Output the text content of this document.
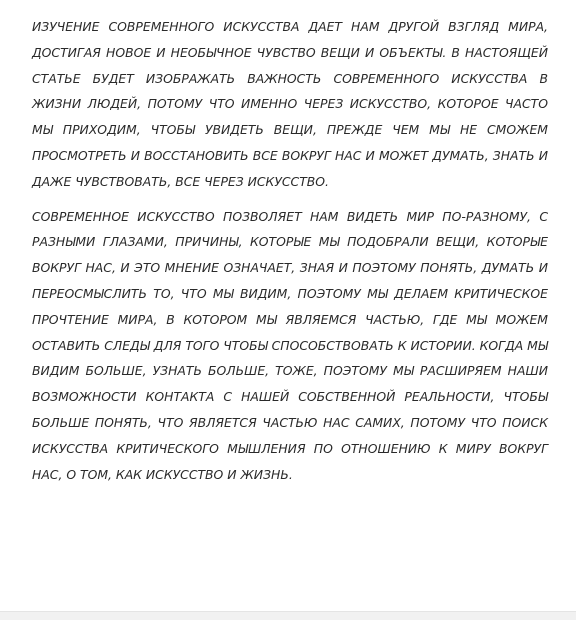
ИЗУЧЕНИЕ СОВРЕМЕННОГО ИСКУССТВА ДАЕТ НАМ ДРУГОЙ ВЗГЛЯД МИРА, ДОСТИГАЯ НОВОЕ И НЕОБЫЧНОЕ ЧУВСТВО ВЕЩИ И ОБЪЕКТЫ. В НАСТОЯЩЕЙ СТАТЬЕ БУДЕТ ИЗОБРАЖАТЬ ВАЖНОСТЬ СОВРЕМЕННОГО ИСКУССТВА В ЖИЗНИ ЛЮДЕЙ, ПОТОМУ ЧТО ИМЕННО ЧЕРЕЗ ИСКУССТВО, КОТОРОЕ ЧАСТО МЫ ПРИХОДИМ, ЧТОБЫ УВИДЕТЬ ВЕЩИ, ПРЕЖДЕ ЧЕМ МЫ НЕ СМОЖЕМ ПРОСМОТРЕТЬ И ВОССТАНОВИТЬ ВСЕ ВОКРУГ НАС И МОЖЕТ ДУМАТЬ, ЗНАТЬ И ДАЖЕ ЧУВСТВОВАТЬ, ВСЕ ЧЕРЕЗ ИСКУССТВО.

СОВРЕМЕННОЕ ИСКУССТВО ПОЗВОЛЯЕТ НАМ ВИДЕТЬ МИР ПО-РАЗНОМУ, С РАЗНЫМИ ГЛАЗАМИ, ПРИЧИНЫ, КОТОРЫЕ МЫ ПОДОБРАЛИ ВЕЩИ, КОТОРЫЕ ВОКРУГ НАС, И ЭТО МНЕНИЕ ОЗНАЧАЕТ, ЗНАЯ И ПОЭТОМУ ПОНЯТЬ, ДУМАТЬ И ПЕРЕОСМЫСЛИТЬ ТО, ЧТО МЫ ВИДИМ, ПОЭТОМУ МЫ ДЕЛАЕМ КРИТИЧЕСКОЕ ПРОЧТЕНИЕ МИРА, В КОТОРОМ МЫ ЯВЛЯЕМСЯ ЧАСТЬЮ, ГДЕ МЫ МОЖЕМ ОСТАВИТЬ СЛЕДЫ ДЛЯ ТОГО ЧТОБЫ СПОСОБСТВОВАТЬ К ИСТОРИИ. КОГДА МЫ ВИДИМ БОЛЬШЕ, УЗНАТЬ БОЛЬШЕ, ТОЖЕ, ПОЭТОМУ МЫ РАСШИРЯЕМ НАШИ ВОЗМОЖНОСТИ КОНТАКТА С НАШЕЙ СОБСТВЕННОЙ РЕАЛЬНОСТИ, ЧТОБЫ БОЛЬШЕ ПОНЯТЬ, ЧТО ЯВЛЯЕТСЯ ЧАСТЬЮ НАС САМИХ, ПОТОМУ ЧТО ПОИСК ИСКУССТВА КРИТИЧЕСКОГО МЫШЛЕНИЯ ПО ОТНОШЕНИЮ К МИРУ ВОКРУГ НАС, О ТОМ, КАК ИСКУССТВО И ЖИЗНЬ.
